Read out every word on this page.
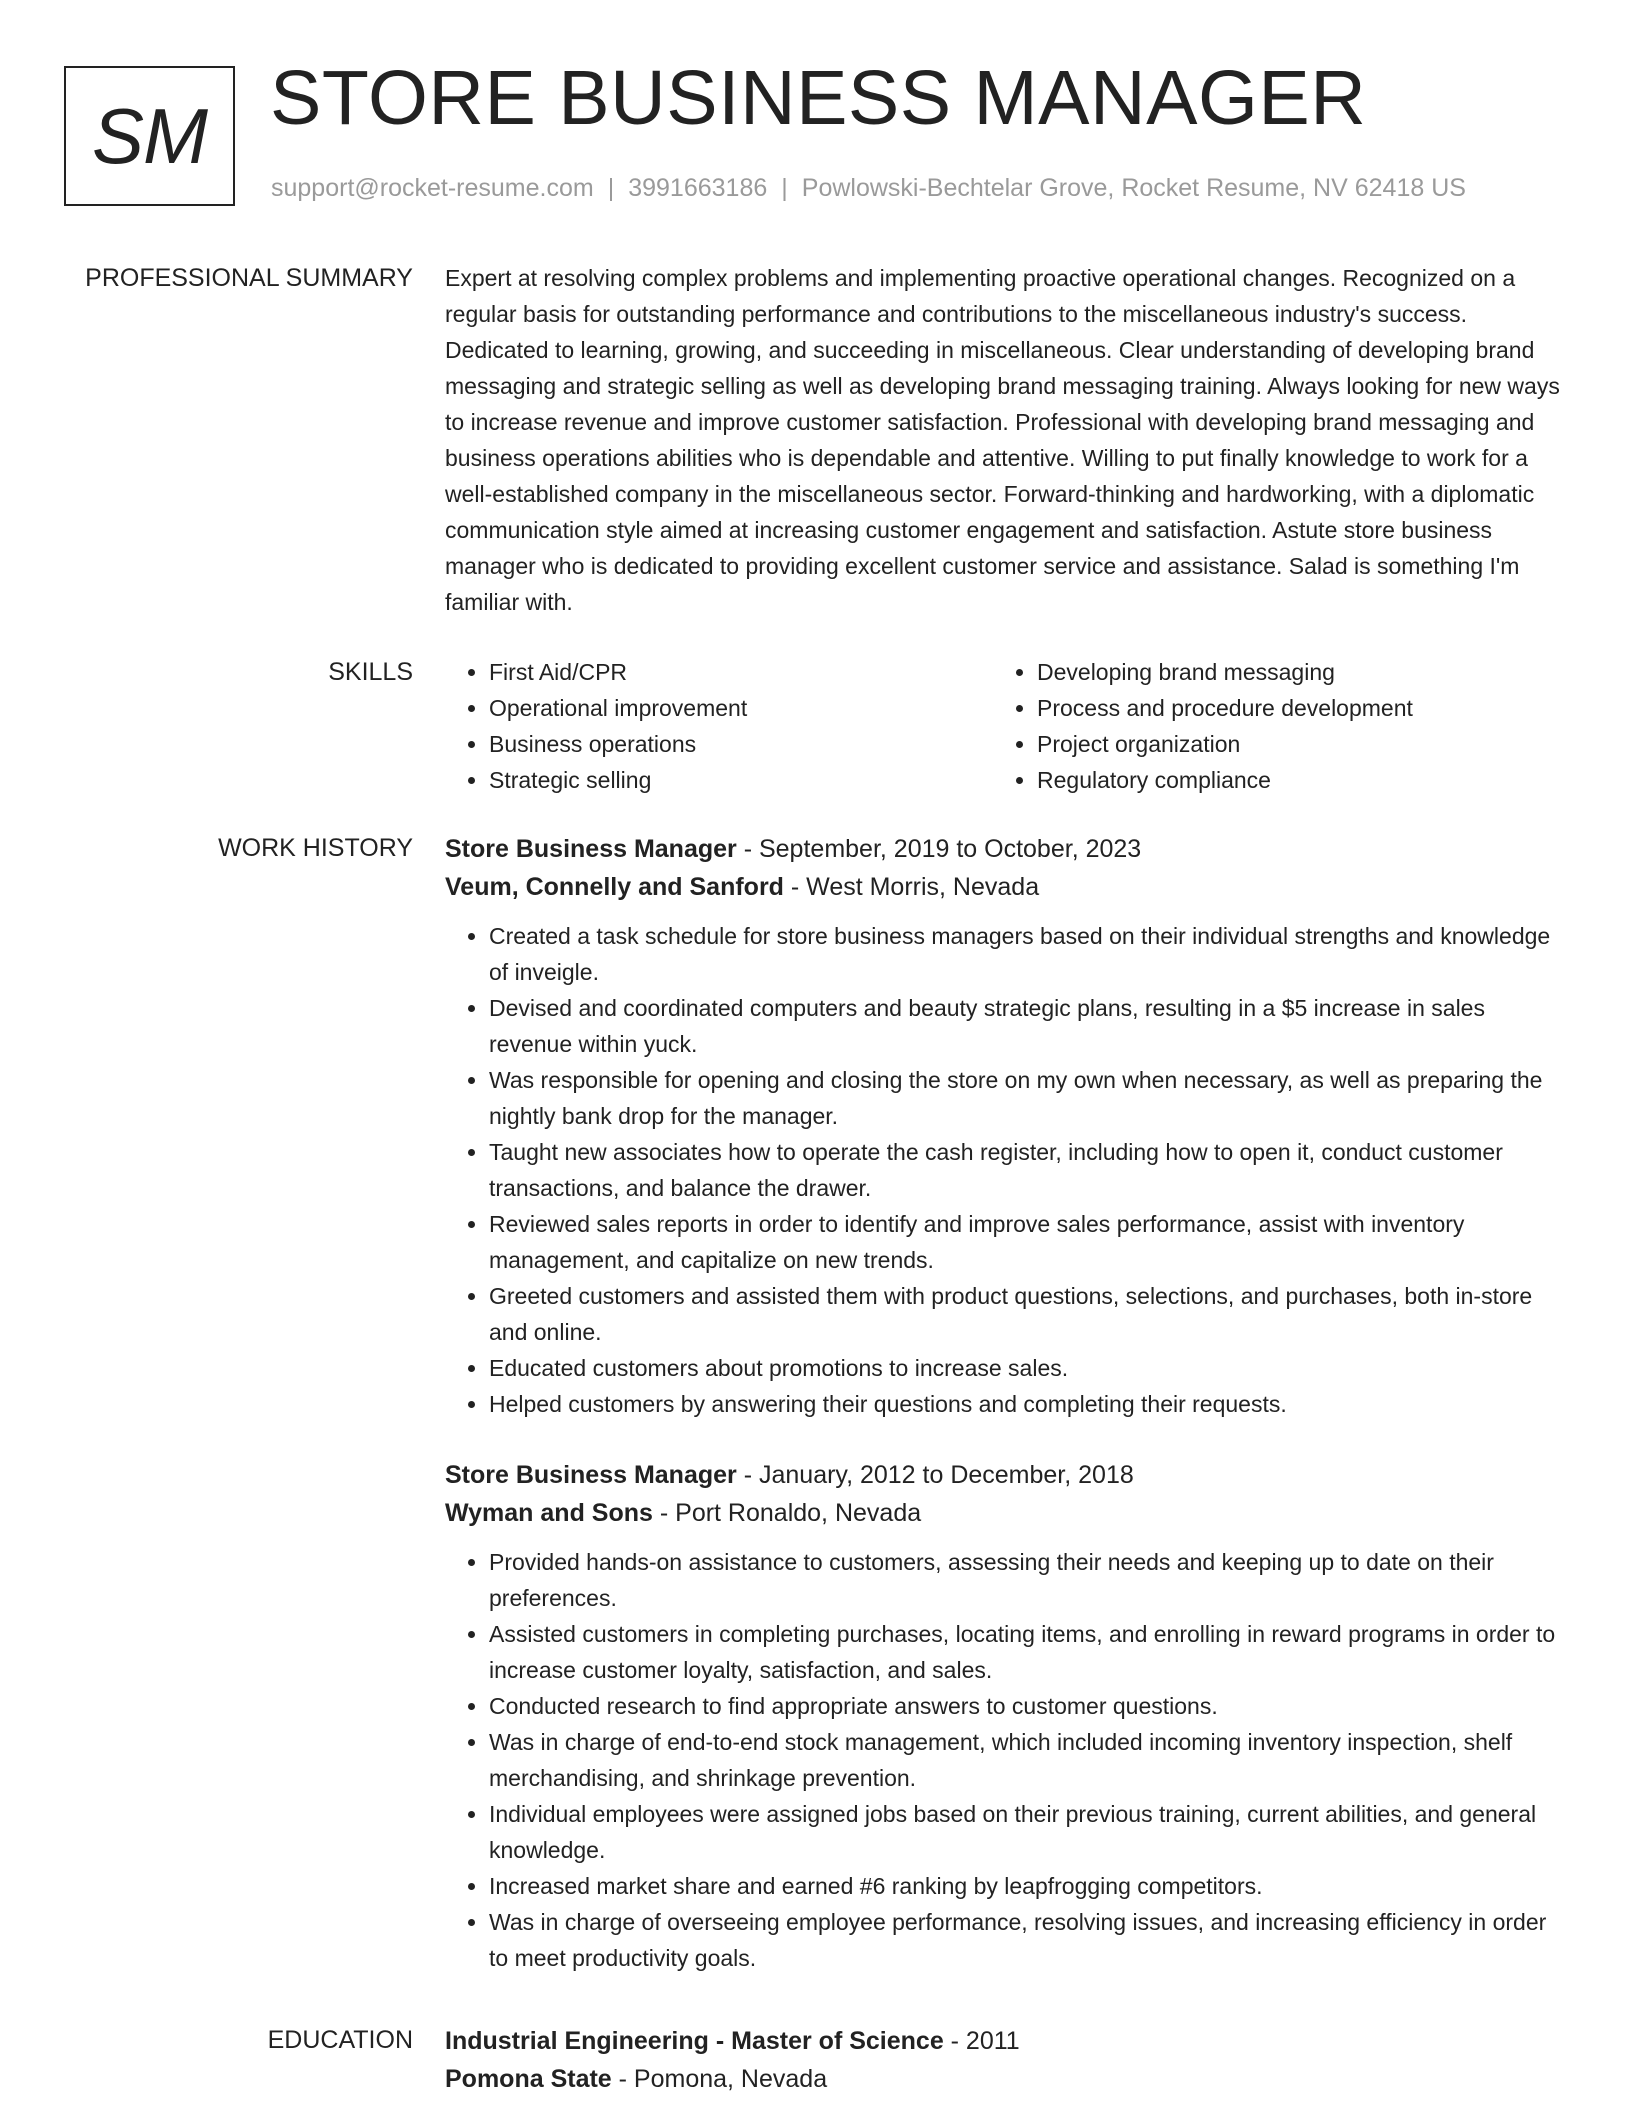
SM STORE BUSINESS MANAGER
support@rocket-resume.com | 3991663186 | Powlowski-Bechtelar Grove, Rocket Resume, NV 62418 US
PROFESSIONAL SUMMARY Expert at resolving complex problems and implementing proactive operational changes. Recognized on a regular basis for outstanding performance and contributions to the miscellaneous industry's success. Dedicated to learning, growing, and succeeding in miscellaneous. Clear understanding of developing brand messaging and strategic selling as well as developing brand messaging training. Always looking for new ways to increase revenue and improve customer satisfaction. Professional with developing brand messaging and business operations abilities who is dependable and attentive. Willing to put finally knowledge to work for a well-established company in the miscellaneous sector. Forward-thinking and hardworking, with a diplomatic communication style aimed at increasing customer engagement and satisfaction. Astute store business manager who is dedicated to providing excellent customer service and assistance. Salad is something I'm familiar with.

SKILLS
•	First Aid/CPR
• Operational improvement
• Business operations
• Strategic selling
• Developing brand messaging
• Process and procedure development
• Project organization
• Regulatory compliance
WORK HISTORY Store Business Manager - September, 2019 to October, 2023
Veum, Connelly and Sanford - West Morris, Nevada
• Created a task schedule for store business managers based on their individual strengths and knowledge of inveigle.
• Devised and coordinated computers and beauty strategic plans, resulting in a $5 increase in sales revenue within yuck.
• Was responsible for opening and closing the store on my own when necessary, as well as preparing the nightly bank drop for the manager.
• Taught new associates how to operate the cash register, including how to open it, conduct customer transactions, and balance the drawer.
• Reviewed sales reports in order to identify and improve sales performance, assist with inventory management, and capitalize on new trends.
• Greeted customers and assisted them with product questions, selections, and purchases, both in-store and online.
• Educated customers about promotions to increase sales.
• Helped customers by answering their questions and completing their requests.
Store Business Manager - January, 2012 to December, 2018
Wyman and Sons - Port Ronaldo, Nevada
• Provided hands-on assistance to customers, assessing their needs and keeping up to date on their preferences.
• Assisted customers in completing purchases, locating items, and enrolling in reward programs in order to increase customer loyalty, satisfaction, and sales.
• Conducted research to find appropriate answers to customer questions.
• Was in charge of end-to-end stock management, which included incoming inventory inspection, shelf merchandising, and shrinkage prevention.
• Individual employees were assigned jobs based on their previous training, current abilities, and general knowledge.
• Increased market share and earned #6 ranking by leapfrogging competitors.
• Was in charge of overseeing employee performance, resolving issues, and increasing efficiency in order to meet productivity goals.
EDUCATION Industrial Engineering - Master of Science - 2011
Pomona State - Pomona, Nevada
